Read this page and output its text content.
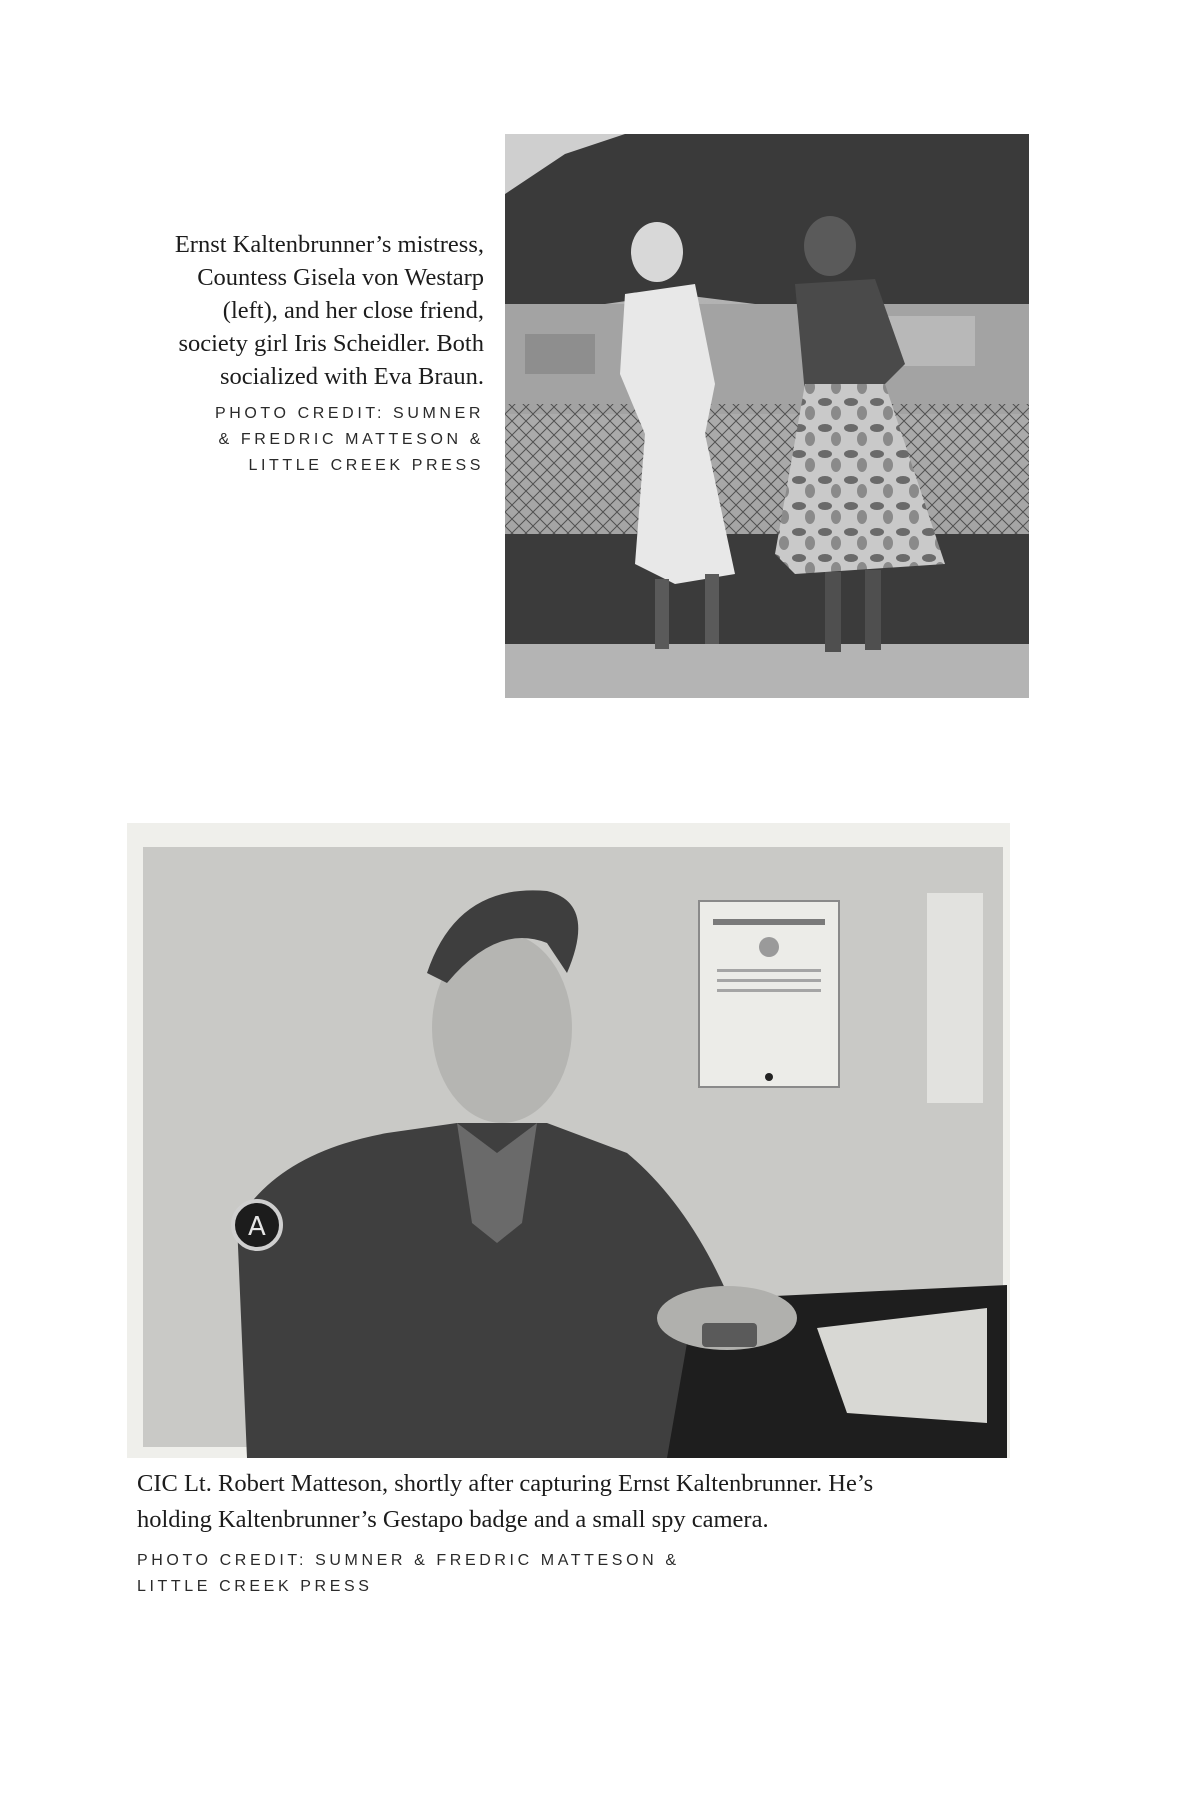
Ernst Kaltenbrunner’s mistress,
Countess Gisela von Westarp
(left), and her close friend,
society girl Iris Scheidler. Both
socialized with Eva Braun.

PHOTO CREDIT: SUMNER
& FREDRIC MATTESON &
LITTLE CREEK PRESS

A

CIC Lt. Robert Matteson, shortly after capturing Ernst Kaltenbrunner. He’s
holding Kaltenbrunner’s Gestapo badge and a small spy camera.

PHOTO CREDIT: SUMNER & FREDRIC MATTESON &
LITTLE CREEK PRESS
